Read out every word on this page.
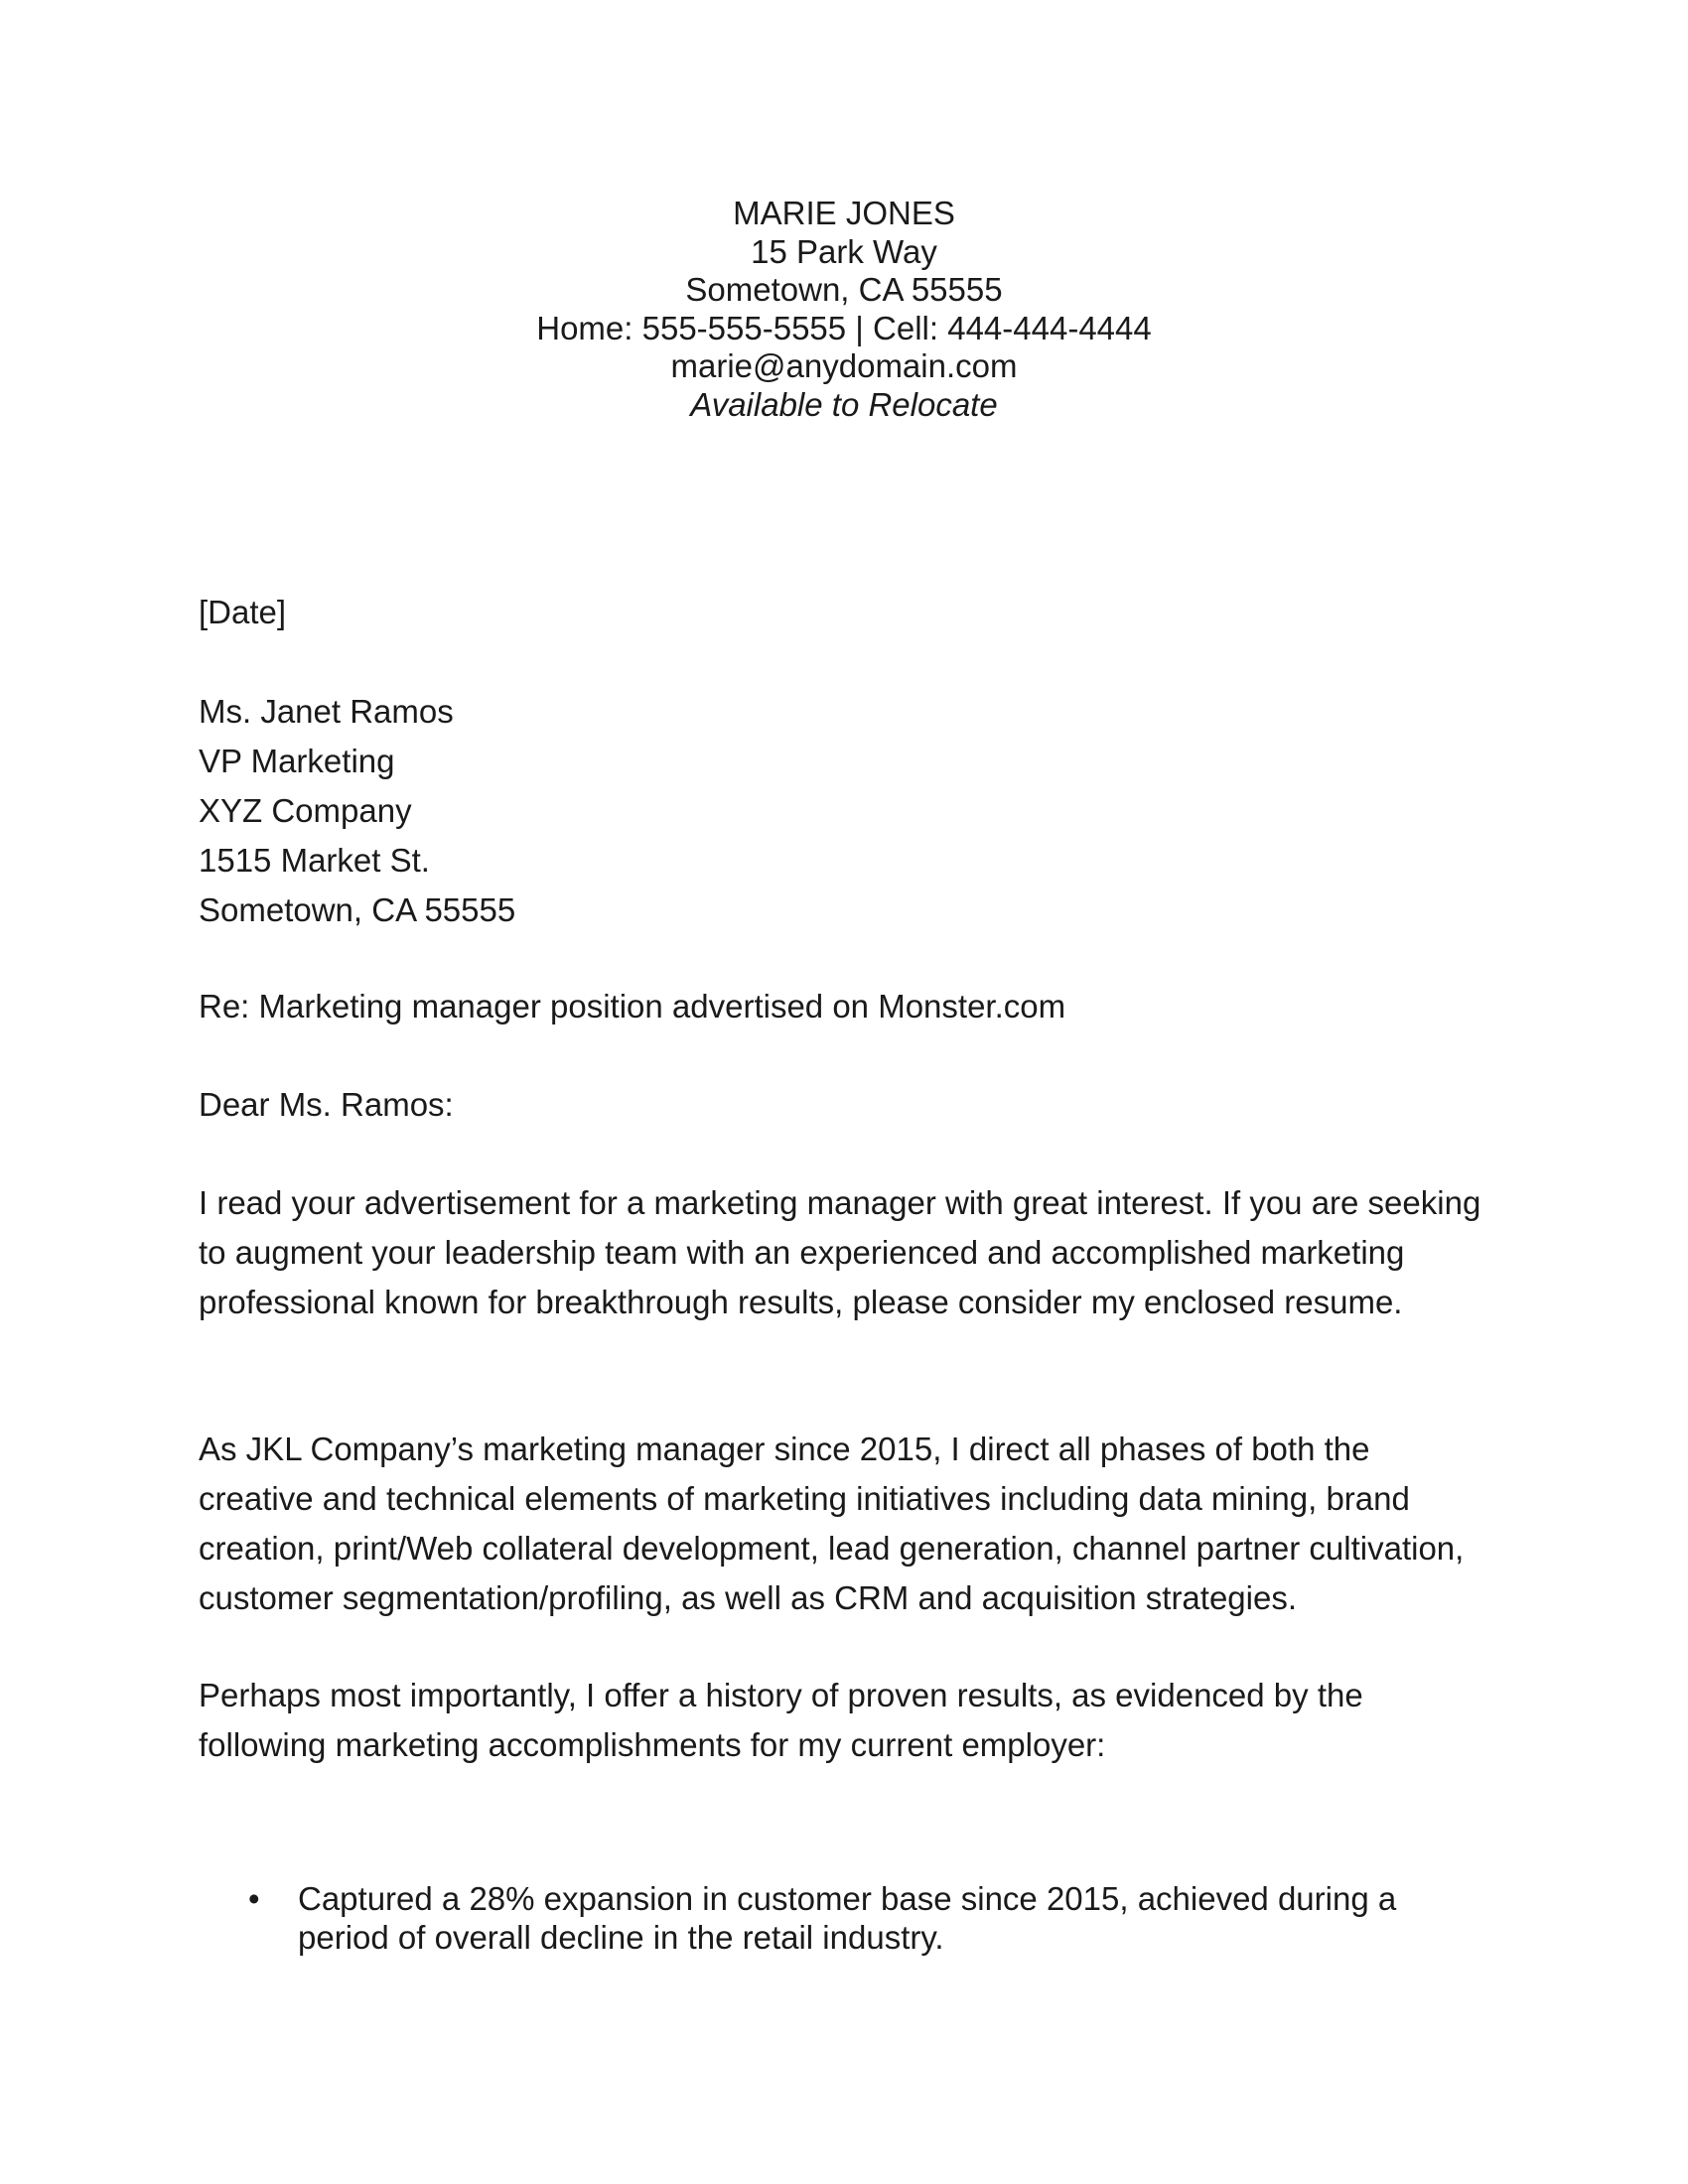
MARIE JONES
15 Park Way
Sometown, CA 55555
Home: 555-555-5555 | Cell: 444-444-4444
marie@anydomain.com
Available to Relocate
[Date]
Ms. Janet Ramos
VP Marketing
XYZ Company
1515 Market St.
Sometown, CA 55555
Re: Marketing manager position advertised on Monster.com
Dear Ms. Ramos:
I read your advertisement for a marketing manager with great interest. If you are seeking to augment your leadership team with an experienced and accomplished marketing professional known for breakthrough results, please consider my enclosed resume.
As JKL Company’s marketing manager since 2015, I direct all phases of both the creative and technical elements of marketing initiatives including data mining, brand creation, print/Web collateral development, lead generation, channel partner cultivation, customer segmentation/profiling, as well as CRM and acquisition strategies.
Perhaps most importantly, I offer a history of proven results, as evidenced by the following marketing accomplishments for my current employer:
• Captured a 28% expansion in customer base since 2015, achieved during a period of overall decline in the retail industry.
